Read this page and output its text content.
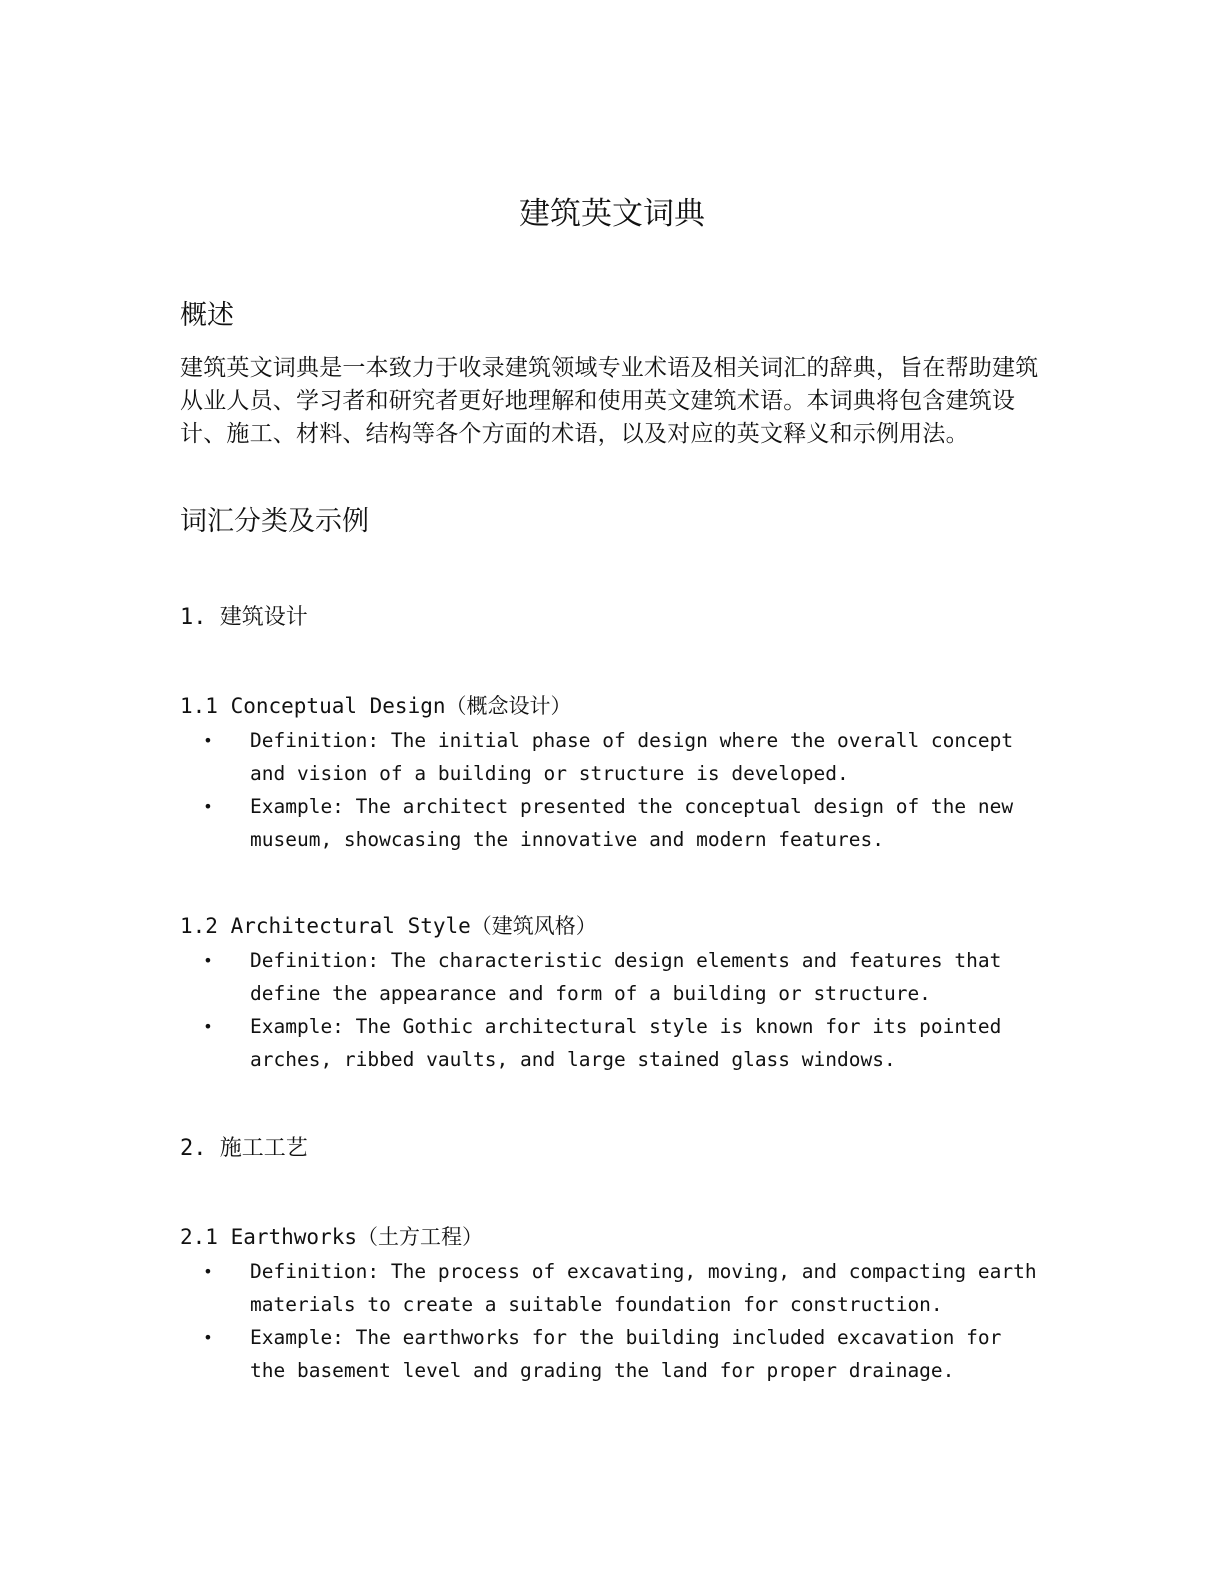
建筑英文词典
概述
建筑英文词典是一本致力于收录建筑领域专业术语及相关词汇的辞典，旨在帮助建筑从业人员、学习者和研究者更好地理解和使用英文建筑术语。本词典将包含建筑设计、施工、材料、结构等各个方面的术语，以及对应的英文释义和示例用法。
词汇分类及示例
1. 建筑设计
1.1 Conceptual Design（概念设计）
• Definition: The initial phase of design where the overall concept and vision of a building or structure is developed.
• Example: The architect presented the conceptual design of the new museum, showcasing the innovative and modern features.
1.2 Architectural Style（建筑风格）
• Definition: The characteristic design elements and features that define the appearance and form of a building or structure.
• Example: The Gothic architectural style is known for its pointed arches, ribbed vaults, and large stained glass windows.
2. 施工工艺
2.1 Earthworks（土方工程）
• Definition: The process of excavating, moving, and compacting earth materials to create a suitable foundation for construction.
• Example: The earthworks for the building included excavation for the basement level and grading the land for proper drainage.
